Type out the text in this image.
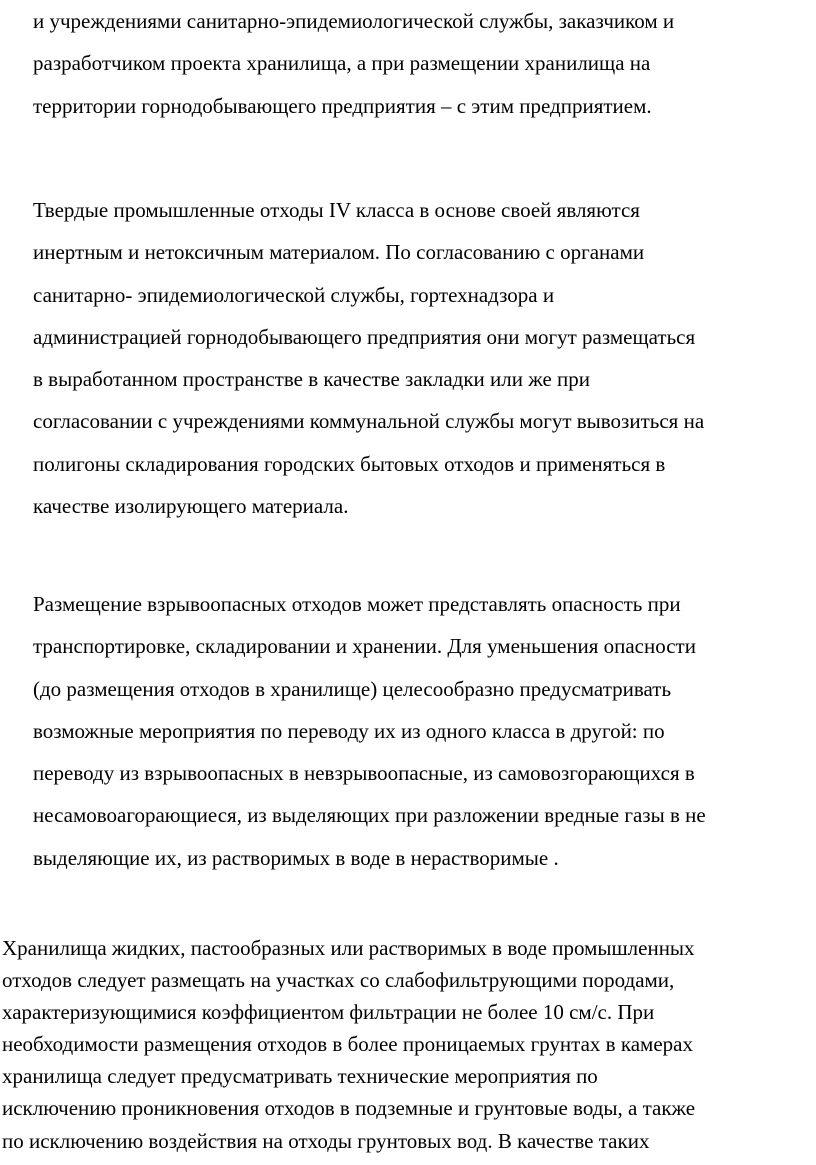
и учреждениями санитарно-эпидемиологической службы, заказчиком и
разработчиком проекта хранилища, а при размещении хранилища на
территории горнодобывающего предприятия – с этим предприятием.

Твердые промышленные отходы IV класса в основе своей являются
инертным и нетоксичным материалом. По согласованию с органами
санитарно- эпидемиологической службы, гортехнадзора и
администрацией горнодобывающего предприятия они могут размещаться
в выработанном пространстве в качестве закладки или же при
согласовании с учреждениями коммунальной службы могут вывозиться на
полигоны складирования городских бытовых отходов и применяться в
качестве изолирующего материала.

Размещение взрывоопасных отходов может представлять опасность при
транспортировке, складировании и хранении. Для уменьшения опасности
(до размещения отходов в хранилище) целесообразно предусматривать
возможные мероприятия по переводу их из одного класса в другой: по
переводу из взрывоопасных в невзрывоопасные, из самовозгорающихся в
несамовоагорающиеся, из выделяющих при разложении вредные газы в не
выделяющие их, из растворимых в воде в нерастворимые .

Хранилища жидких, пастообразных или растворимых в воде промышленных
отходов следует размещать на участках со слабофильтрующими породами,
характеризующимися коэффициентом фильтрации не более 10 см/с. При
необходимости размещения отходов в более проницаемых грунтах в камерах
хранилища следует предусматривать технические мероприятия по
исключению проникновения отходов в подземные и грунтовые воды, а также
по исключению воздействия на отходы грунтовых вод. В качестве таких
